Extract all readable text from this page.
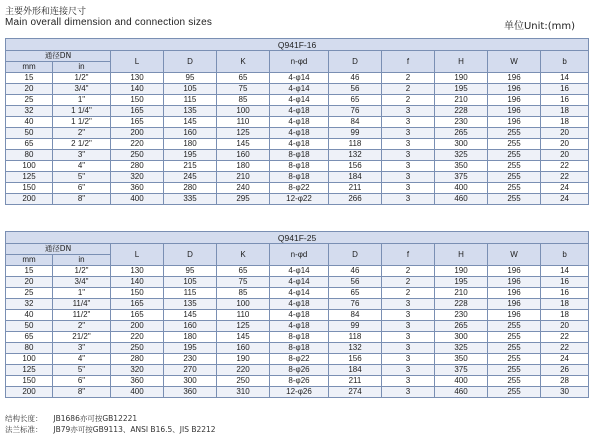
主要外形和连接尺寸
Main overall dimension and connection sizes	单位Unit:(mm)
Q941F-16										
通径DN		L	D	K	n-φd	D	f	H	W	b
mm	in									
15	1/2"	130	95	65	4-φ14	46	2	190	196	14
20	3/4"	140	105	75	4-φ14	56	2	195	196	16
25	1"	150	115	85	4-φ14	65	2	210	196	16
32	1 1/4"	165	135	100	4-φ18	76	3	228	196	18
40	1 1/2"	165	145	110	4-φ18	84	3	230	196	18
50	2"	200	160	125	4-φ18	99	3	265	255	20
65	2 1/2"	220	180	145	4-φ18	118	3	300	255	20
80	3"	250	195	160	8-φ18	132	3	325	255	20
100	4"	280	215	180	8-φ18	156	3	350	255	22
125	5"	320	245	210	8-φ18	184	3	375	255	22
150	6"	360	280	240	8-φ22	211	3	400	255	24
200	8"	400	335	295	12-φ22	266	3	460	255	24
Q941F-25										
通径DN		L	D	K	n-φd	D	f	H	W	b
mm	in									
15	1/2"	130	95	65	4-φ14	46	2	190	196	14
20	3/4"	140	105	75	4-φ14	56	2	195	196	16
25	1"	150	115	85	4-φ14	65	2	210	196	16
32	11/4"	165	135	100	4-φ18	76	3	228	196	18
40	11/2"	165	145	110	4-φ18	84	3	230	196	18
50	2"	200	160	125	4-φ18	99	3	265	255	20
65	21/2"	220	180	145	8-φ18	118	3	300	255	22
80	3"	250	195	160	8-φ18	132	3	325	255	22
100	4"	280	230	190	8-φ22	156	3	350	255	24
125	5"	320	270	220	8-φ26	184	3	375	255	26
150	6"	360	300	250	8-φ26	211	3	400	255	28
200	8"	400	360	310	12-φ26	274	3	460	255	30
结构长度： JB1686亦可按GB12221
法兰标准： JB79亦可按GB9113、ANSI B16.5、JIS B2212
